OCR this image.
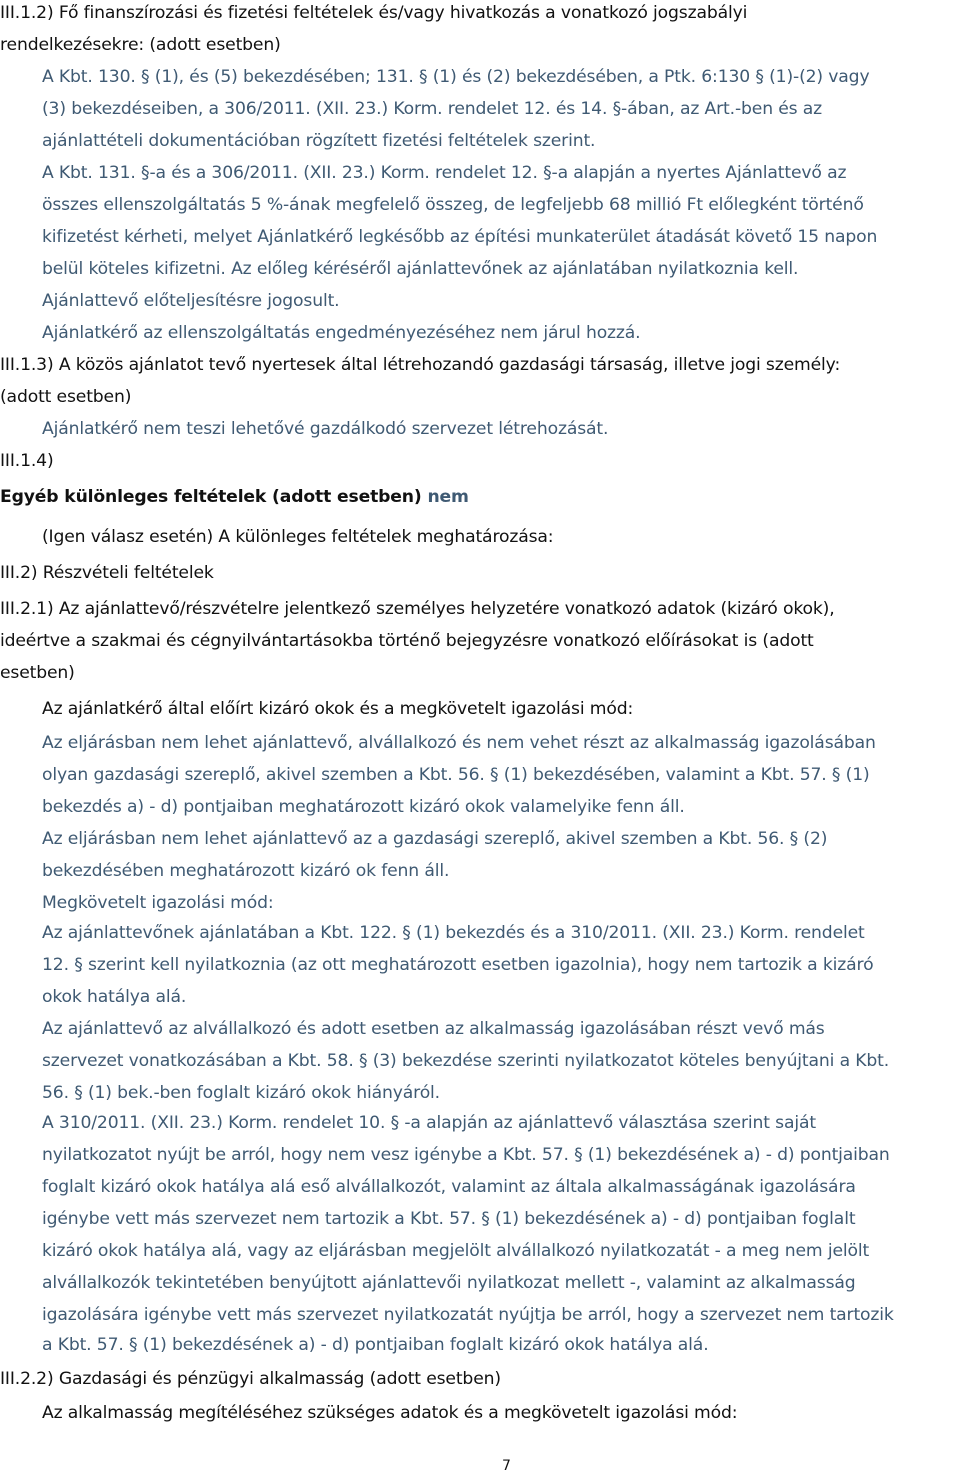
III.1.2) Fő finanszírozási és fizetési feltételek és/vagy hivatkozás a vonatkozó jogszabályi
rendelkezésekre: (adott esetben)
A Kbt. 130. § (1), és (5) bekezdésében; 131. § (1) és (2) bekezdésében, a Ptk. 6:130 § (1)-(2) vagy
(3) bekezdéseiben, a 306/2011. (XII. 23.) Korm. rendelet 12. és 14. §-ában, az Art.-ben és az
ajánlattételi dokumentációban rögzített fizetési feltételek szerint.
A Kbt. 131. §-a és a 306/2011. (XII. 23.) Korm. rendelet 12. §-a alapján a nyertes Ajánlattevő az
összes ellenszolgáltatás 5 %-ának megfelelő összeg, de legfeljebb 68 millió Ft előlegként történő
kifizetést kérheti, melyet Ajánlatkérő legkésőbb az építési munkaterület átadását követő 15 napon
belül köteles kifizetni. Az előleg kéréséről ajánlattevőnek az ajánlatában nyilatkoznia kell.
Ajánlattevő előteljesítésre jogosult.
Ajánlatkérő az ellenszolgáltatás engedményezéséhez nem járul hozzá.
III.1.3) A közös ajánlatot tevő nyertesek által létrehozandó gazdasági társaság, illetve jogi személy:
(adott esetben)
Ajánlatkérő nem teszi lehetővé gazdálkodó szervezet létrehozását.
III.1.4)
Egyéb különleges feltételek (adott esetben) nem
(Igen válasz esetén) A különleges feltételek meghatározása:
III.2) Részvételi feltételek
III.2.1) Az ajánlattevő/részvételre jelentkező személyes helyzetére vonatkozó adatok (kizáró okok),
ideértve a szakmai és cégnyilvántartásokba történő bejegyzésre vonatkozó előírásokat is (adott
esetben)
Az ajánlatkérő által előírt kizáró okok és a megkövetelt igazolási mód:
Az eljárásban nem lehet ajánlattevő, alvállalkozó és nem vehet részt az alkalmasság igazolásában
olyan gazdasági szereplő, akivel szemben a Kbt. 56. § (1) bekezdésében, valamint a Kbt. 57. § (1)
bekezdés a) - d) pontjaiban meghatározott kizáró okok valamelyike fenn áll.
Az eljárásban nem lehet ajánlattevő az a gazdasági szereplő, akivel szemben a Kbt. 56. § (2)
bekezdésében meghatározott kizáró ok fenn áll.
Megkövetelt igazolási mód:
Az ajánlattevőnek ajánlatában a Kbt. 122. § (1) bekezdés és a 310/2011. (XII. 23.) Korm. rendelet
12. § szerint kell nyilatkoznia (az ott meghatározott esetben igazolnia), hogy nem tartozik a kizáró
okok hatálya alá.
Az ajánlattevő az alvállalkozó és adott esetben az alkalmasság igazolásában részt vevő más
szervezet vonatkozásában a Kbt. 58. § (3) bekezdése szerinti nyilatkozatot köteles benyújtani a Kbt.
56. § (1) bek.-ben foglalt kizáró okok hiányáról.
A 310/2011. (XII. 23.) Korm. rendelet 10. § -a alapján az ajánlattevő választása szerint saját
nyilatkozatot nyújt be arról, hogy nem vesz igénybe a Kbt. 57. § (1) bekezdésének a) - d) pontjaiban
foglalt kizáró okok hatálya alá eső alvállalkozót, valamint az általa alkalmasságának igazolására
igénybe vett más szervezet nem tartozik a Kbt. 57. § (1) bekezdésének a) - d) pontjaiban foglalt
kizáró okok hatálya alá, vagy az eljárásban megjelölt alvállalkozó nyilatkozatát - a meg nem jelölt
alvállalkozók tekintetében benyújtott ajánlattevői nyilatkozat mellett -, valamint az alkalmasság
igazolására igénybe vett más szervezet nyilatkozatát nyújtja be arról, hogy a szervezet nem tartozik
a Kbt. 57. § (1) bekezdésének a) - d) pontjaiban foglalt kizáró okok hatálya alá.
III.2.2) Gazdasági és pénzügyi alkalmasság (adott esetben)
Az alkalmasság megítéléséhez szükséges adatok és a megkövetelt igazolási mód:
7
